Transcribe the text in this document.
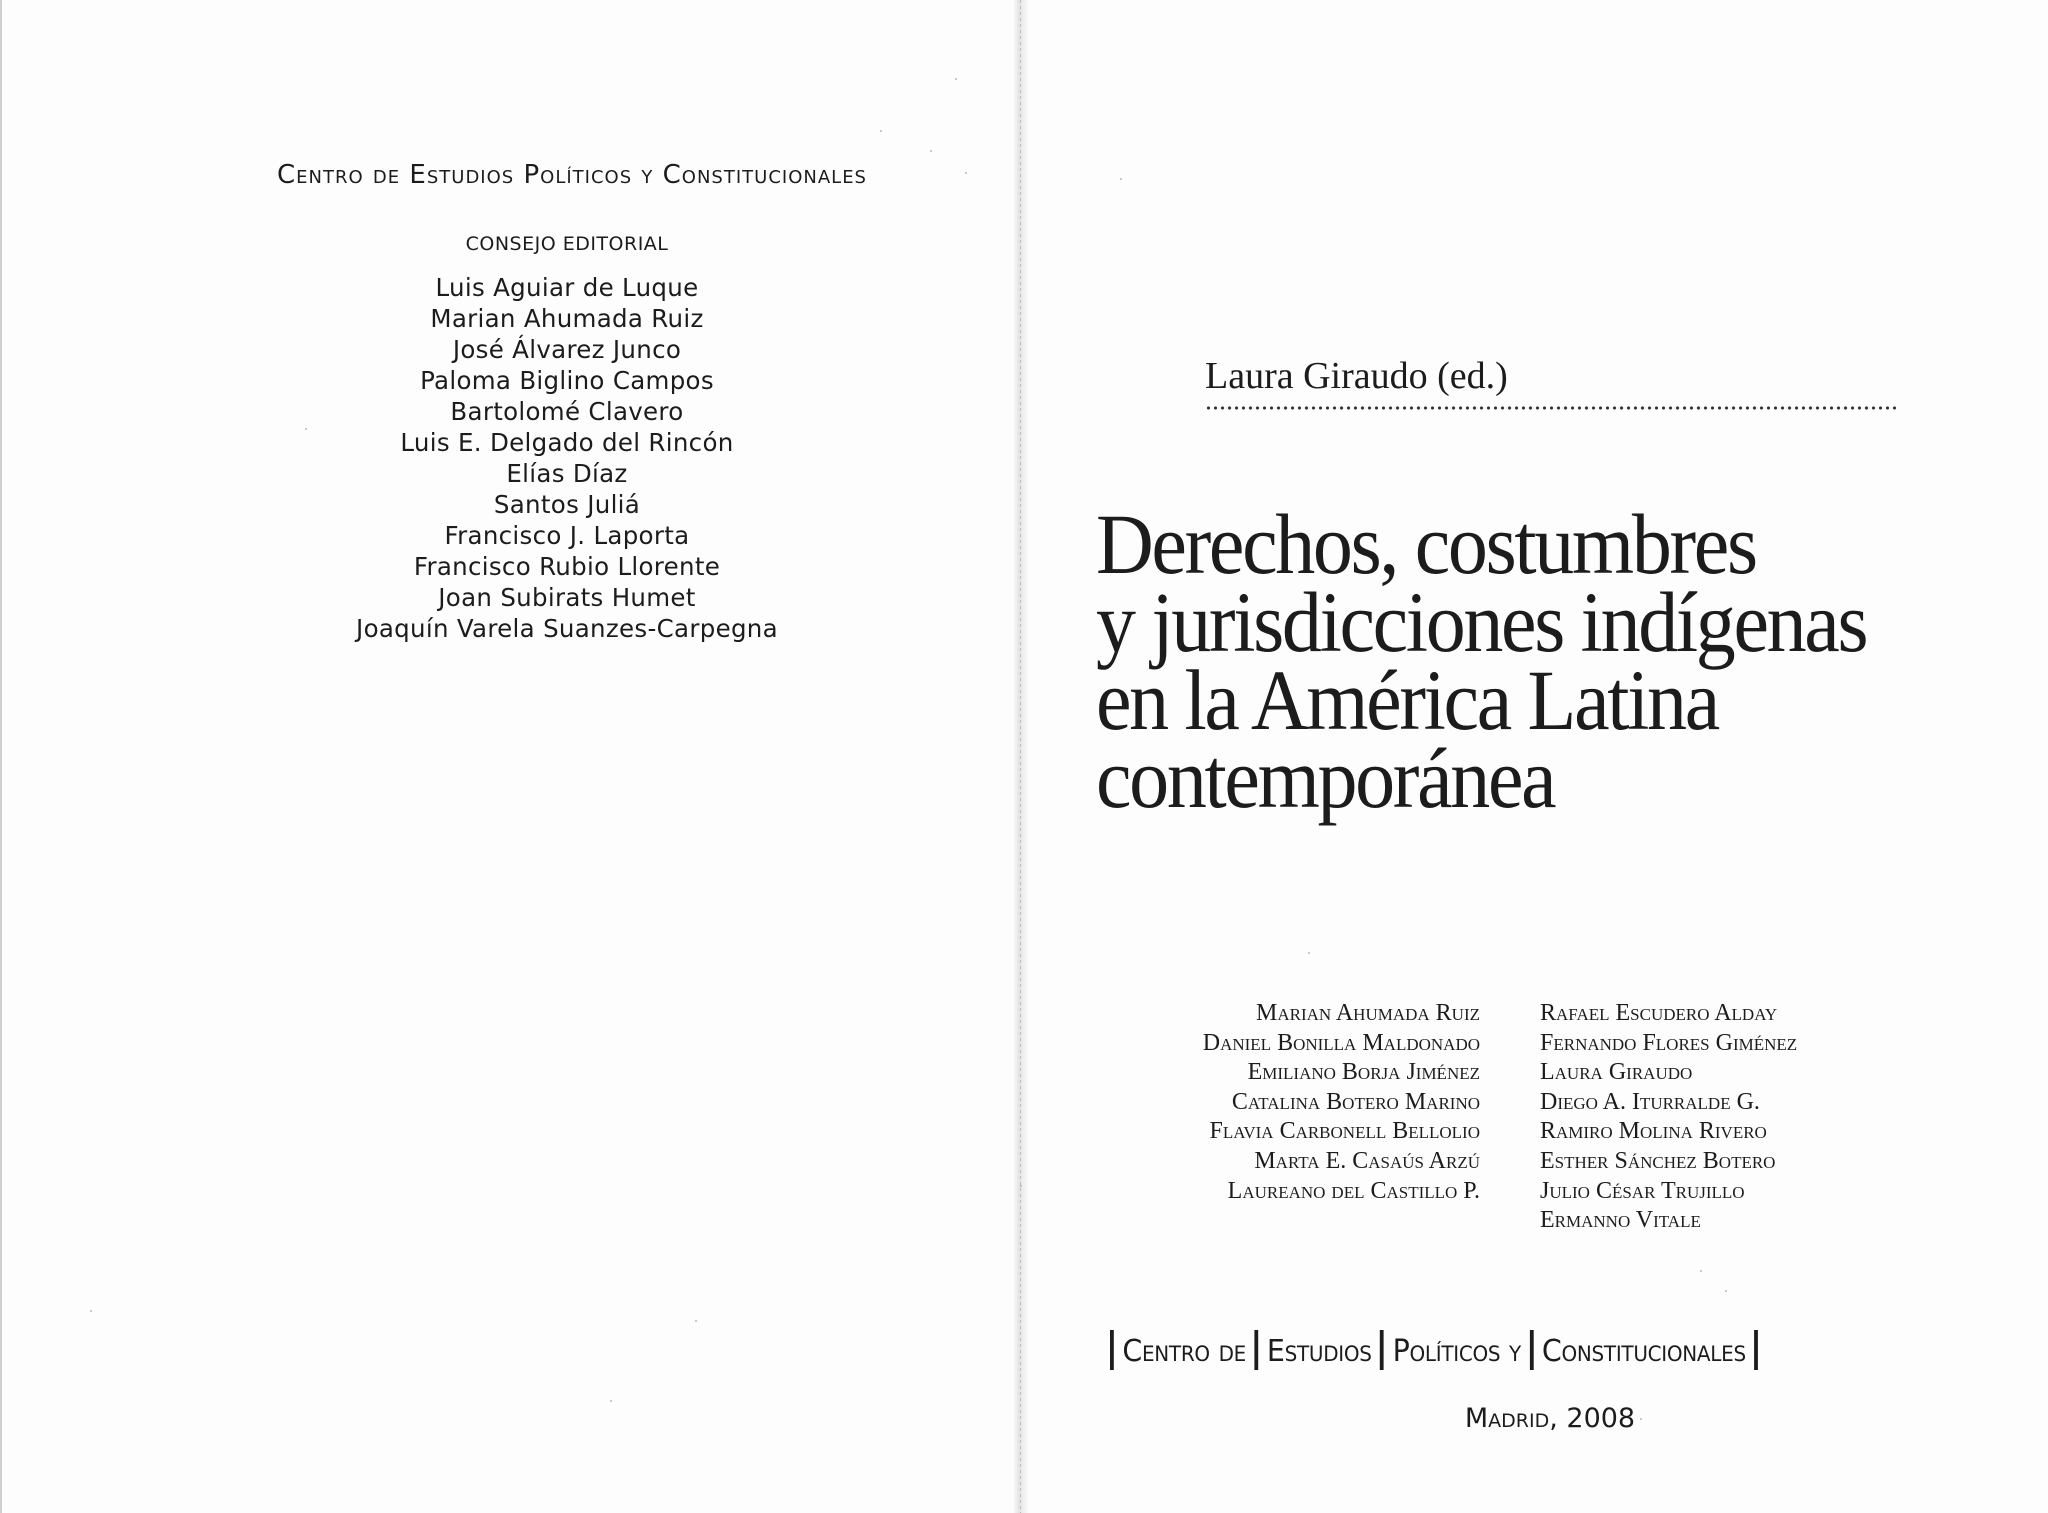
Centro de Estudios Políticos y Constitucionales
CONSEJO EDITORIAL
Luis Aguiar de Luque
Marian Ahumada Ruiz
José Álvarez Junco
Paloma Biglino Campos
Bartolomé Clavero
Luis E. Delgado del Rincón
Elías Díaz
Santos Juliá
Francisco J. Laporta
Francisco Rubio Llorente
Joan Subirats Humet
Joaquín Varela Suanzes-Carpegna
Laura Giraudo (ed.)
Derechos, costumbres
y jurisdicciones indígenas
en la América Latina
contemporánea
Marian Ahumada Ruiz
Daniel Bonilla Maldonado
Emiliano Borja Jiménez
Catalina Botero Marino
Flavia Carbonell Bellolio
Marta E. Casaús Arzú
Laureano del Castillo P.
Rafael Escudero Alday
Fernando Flores Giménez
Laura Giraudo
Diego A. Iturralde G.
Ramiro Molina Rivero
Esther Sánchez Botero
Julio César Trujillo
Ermanno Vitale
Centro de Estudios Políticos y Constitucionales
Madrid, 2008
